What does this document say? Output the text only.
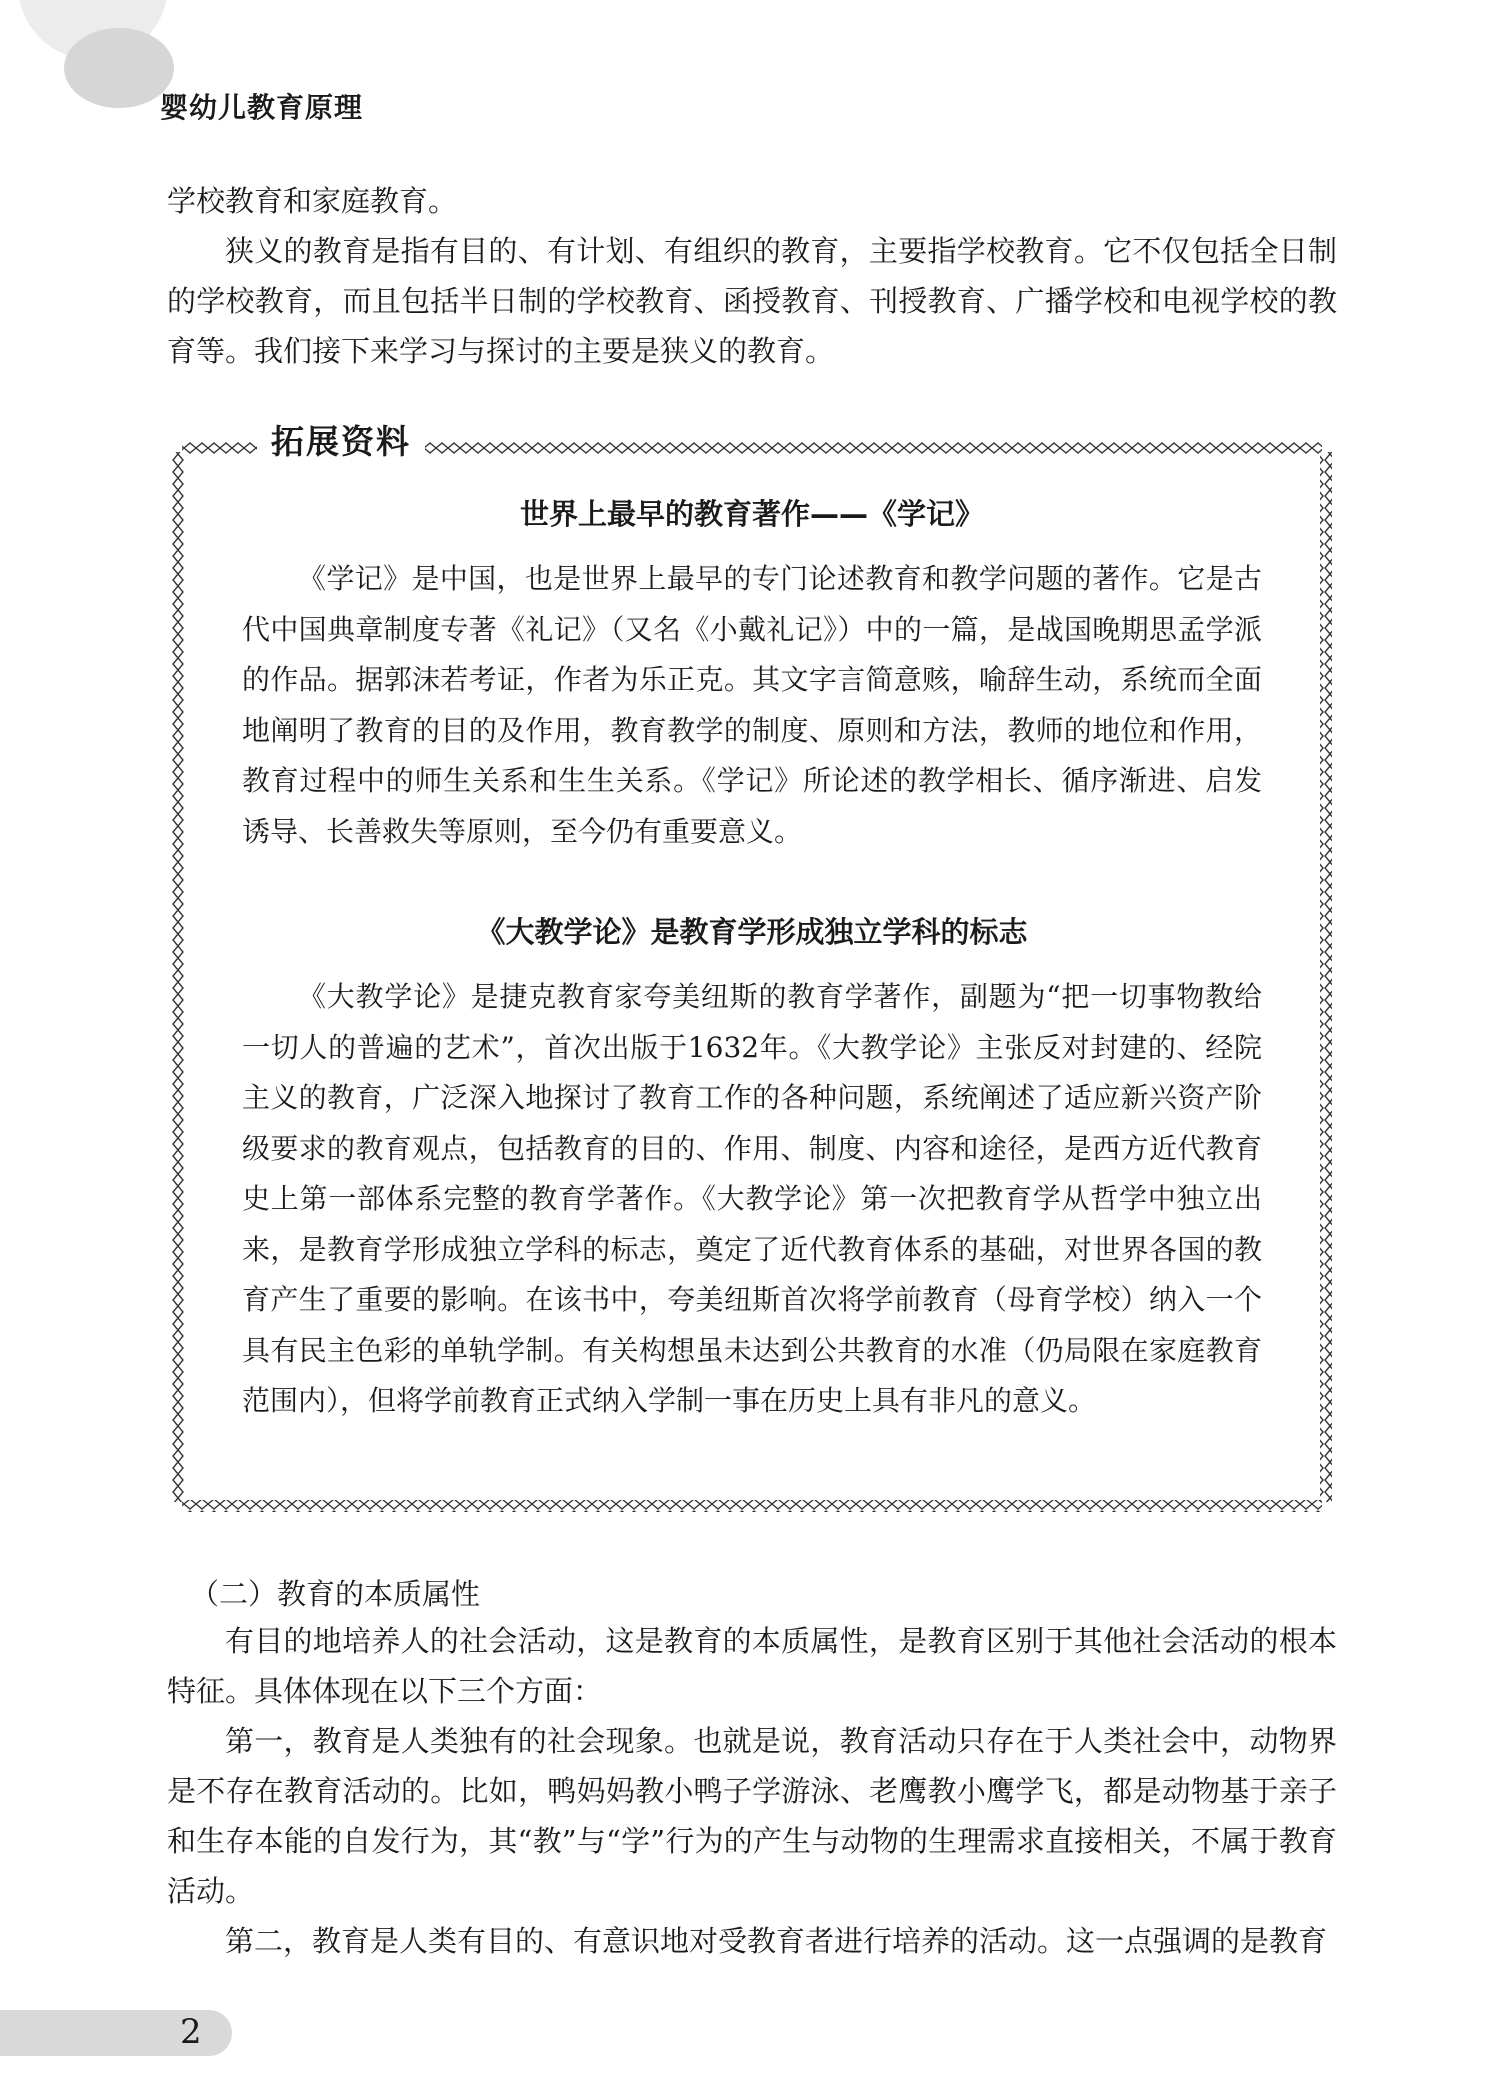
婴幼儿教育原理

学校教育和家庭教育。

狭义的教育是指有目的、有计划、有组织的教育，主要指学校教育。它不仅包括全日制的学校教育，而且包括半日制的学校教育、函授教育、刊授教育、广播学校和电视学校的教育等。我们接下来学习与探讨的主要是狭义的教育。

拓展资料
世界上最早的教育著作——《学记》

《学记》是中国，也是世界上最早的专门论述教育和教学问题的著作。它是古代中国典章制度专著《礼记》（又名《小戴礼记》）中的一篇，是战国晚期思孟学派的作品。据郭沫若考证，作者为乐正克。其文字言简意赅，喻辞生动，系统而全面地阐明了教育的目的及作用，教育教学的制度、原则和方法，教师的地位和作用，教育过程中的师生关系和生生关系。《学记》所论述的教学相长、循序渐进、启发诱导、长善救失等原则，至今仍有重要意义。

《大教学论》是教育学形成独立学科的标志

《大教学论》是捷克教育家夸美纽斯的教育学著作，副题为“把一切事物教给一切人的普遍的艺术”，首次出版于1632年。《大教学论》主张反对封建的、经院主义的教育，广泛深入地探讨了教育工作的各种问题，系统阐述了适应新兴资产阶级要求的教育观点，包括教育的目的、作用、制度、内容和途径，是西方近代教育史上第一部体系完整的教育学著作。《大教学论》第一次把教育学从哲学中独立出来，是教育学形成独立学科的标志，奠定了近代教育体系的基础，对世界各国的教育产生了重要的影响。在该书中，夸美纽斯首次将学前教育（母育学校）纳入一个具有民主色彩的单轨学制。有关构想虽未达到公共教育的水准（仍局限在家庭教育范围内），但将学前教育正式纳入学制一事在历史上具有非凡的意义。

（二）教育的本质属性

有目的地培养人的社会活动，这是教育的本质属性，是教育区别于其他社会活动的根本特征。具体体现在以下三个方面：

第一，教育是人类独有的社会现象。也就是说，教育活动只存在于人类社会中，动物界是不存在教育活动的。比如，鸭妈妈教小鸭子学游泳、老鹰教小鹰学飞，都是动物基于亲子和生存本能的自发行为，其“教”与“学”行为的产生与动物的生理需求直接相关，不属于教育活动。

第二，教育是人类有目的、有意识地对受教育者进行培养的活动。这一点强调的是教育

2
